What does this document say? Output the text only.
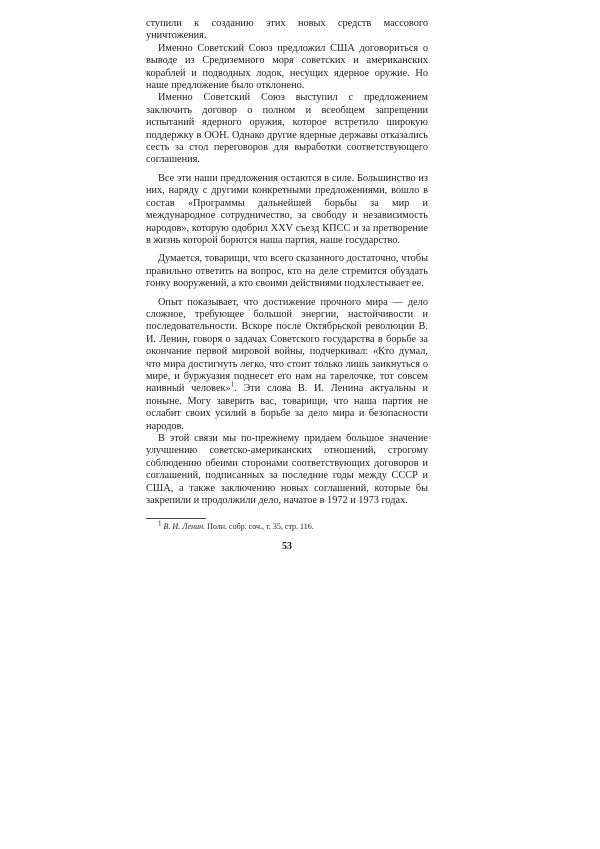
ступили к созданию этих новых средств массового уничтожения.

Именно Советский Союз предложил США договориться о выводе из Средиземного моря советских и американских кораблей и подводных лодок, несущих ядерное оружие. Но наше предложение было отклонено.

Именно Советский Союз выступил с предложением заключить договор о полном и всеобщем запрещении испытаний ядерного оружия, которое встретило широкую поддержку в ООН. Однако другие ядерные державы отказались сесть за стол переговоров для выработки соответствующего соглашения.

Все эти наши предложения остаются в силе. Большинство из них, наряду с другими конкретными предложениями, вошло в состав «Программы дальнейшей борьбы за мир и международное сотрудничество, за свободу и независимость народов», которую одобрил XXV съезд КПСС и за претворение в жизнь которой борются наша партия, наше государство.

Думается, товарищи, что всего сказанного достаточно, чтобы правильно ответить на вопрос, кто на деле стремится обуздать гонку вооружений, а кто своими действиями подхлестывает ее.

Опыт показывает, что достижение прочного мира — дело сложное, требующее большой энергии, настойчивости и последовательности. Вскоре после Октябрьской революции В. И. Ленин, говоря о задачах Советского государства в борьбе за окончание первой мировой войны, подчеркивал: «Кто думал, что мира достигнуть легко, что стоит только лишь заикнуться о мире, и буржуазия поднесет его нам на тарелочке, тот совсем наивный человек»$^1$. Эти слова В. И. Ленина актуальны и поныне. Могу заверить вас, товарищи, что наша партия не ослабит своих усилий в борьбе за дело мира и безопасности народов.

В этой связи мы по-прежнему придаем большое значение улучшению советско-американских отношений, строгому соблюдению обеими сторонами соответствующих договоров и соглашений, подписанных за последние годы между СССР и США, а также заключению новых соглашений, которые бы закрепили и продолжили дело, начатое в 1972 и 1973 годах.

$^1$ В. И. Ленин. Полн. собр. соч., т. 35, стр. 116.

53
